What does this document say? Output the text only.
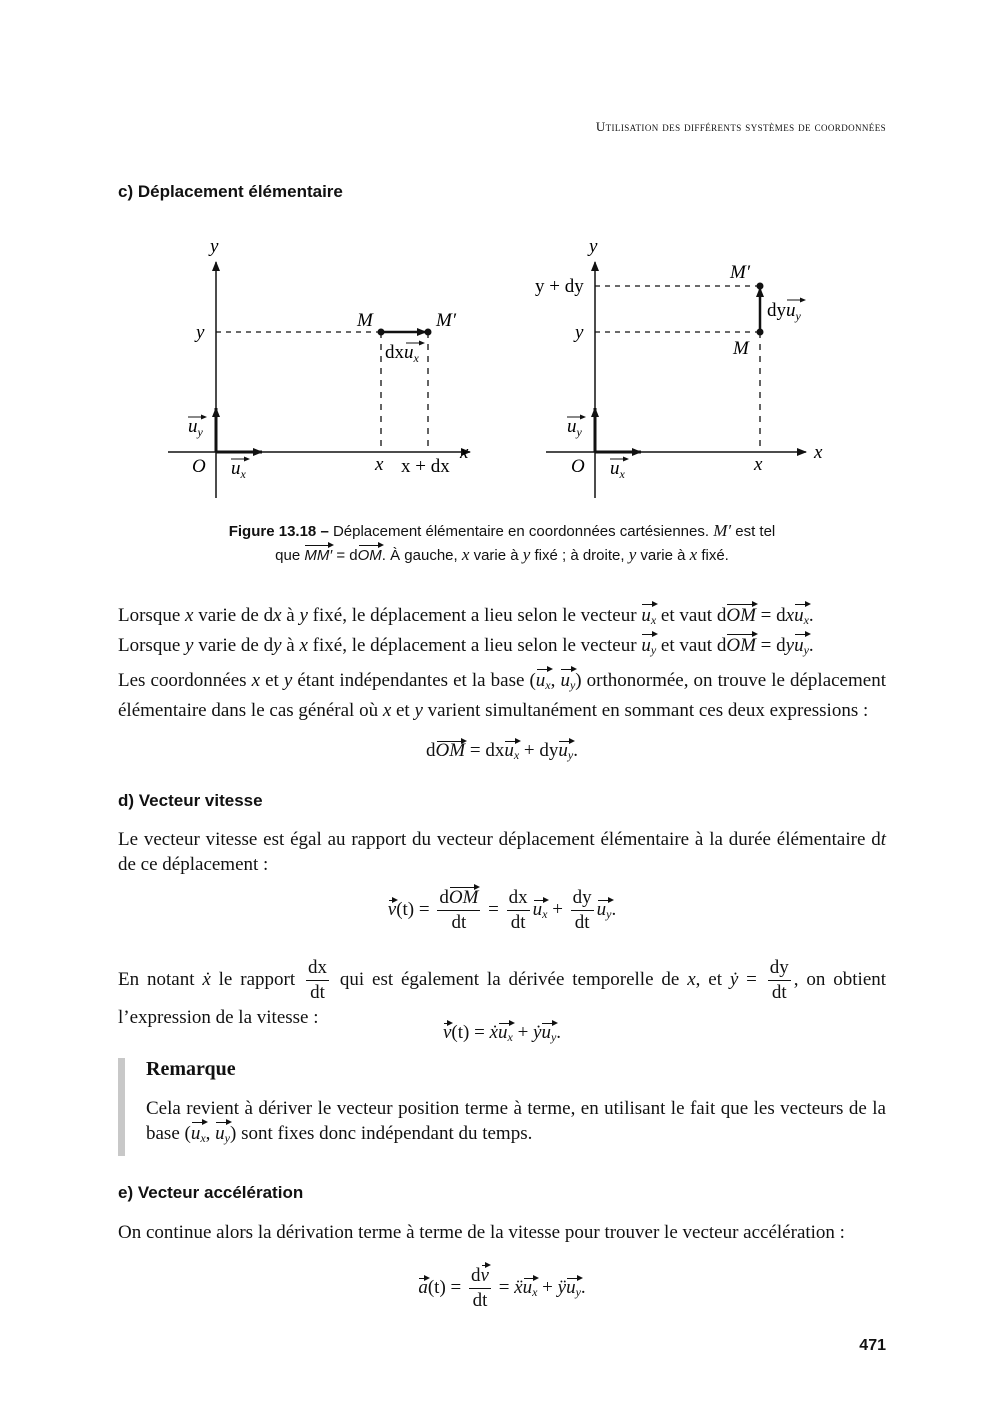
Utilisation des différents systèmes de coordonnées
c) Déplacement élémentaire
y
x
y
M	M′
dxu$_x$
x x + dx
O $u_x$
$u_y$
y
x
y + dy
y
M′
M
dyu$_y$
x
O $u_x$
$u_y$
Figure 13.18 – Déplacement élémentaire en coordonnées cartésiennes. M′ est tel
que MM′ = dOM. À gauche, x varie à y fixé ; à droite, y varie à x fixé.
Lorsque x varie de dx à y fixé, le déplacement a lieu selon le vecteur $u_x$ et vaut dOM = dxu$_x$.
Lorsque y varie de dy à x fixé, le déplacement a lieu selon le vecteur $u_y$ et vaut dOM = dyu$_y$.

Les coordonnées x et y étant indépendantes et la base ($u_x$, $u_y$) orthonormée, on trouve le déplacement élémentaire dans le cas général où x et y varient simultanément en sommant ces deux expressions :
dOM = dxu$_x$ + dyu$_y$.
d) Vecteur vitesse
Le vecteur vitesse est égal au rapport du vecteur déplacement élémentaire à la durée élémentaire dt de ce déplacement :
$v(t) = \frac{\text{dOM}}{dt} = \frac{dx}{dt} u_x + \frac{dy}{dt} u_y$.
En notant ẋ le rapport $\frac{dx}{dt}$ qui est également la dérivée temporelle de x, et ẏ = $\frac{dy}{dt}$ , on obtient l’expression de la vitesse :
v(t) = ẋu$_x$ + ẏu$_y$.
Remarque
Cela revient à dériver le vecteur position terme à terme, en utilisant le fait que les vecteurs de la base ($u_x$, $u_y$) sont fixes donc indépendant du temps.
e) Vecteur accélération
On continue alors la dérivation terme à terme de la vitesse pour trouver le vecteur accélération :
$a(t) = \frac{dv}{dt}$ = ẍu$_x$ + $ÿu_y$.
471
